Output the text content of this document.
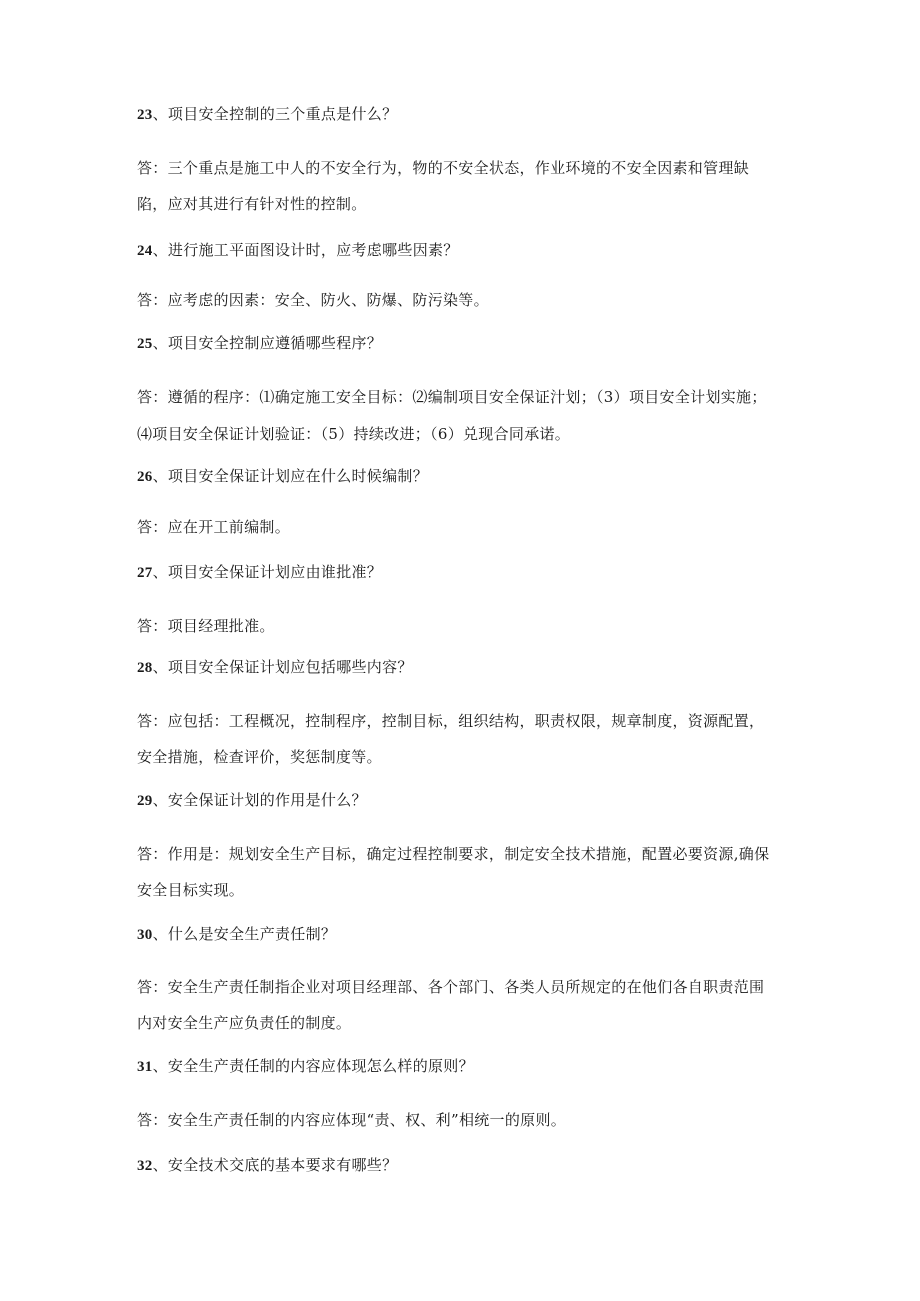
23、项目安全控制的三个重点是什么？
答：三个重点是施工中人的不安全行为，物的不安全状态，作业环境的不安全因素和管理缺
陷，应对其进行有针对性的控制。
24、进行施工平面图设计时，应考虑哪些因素？
答：应考虑的因素：安全、防火、防爆、防污染等。
25、项目安全控制应遵循哪些程序？
答：遵循的程序：⑴确定施工安全目标：⑵编制项目安全保证汁划；（3）项目安全计划实施；
⑷项目安全保证计划验证：（5）持续改进；（6）兑现合同承诺。
26、项目安全保证计划应在什么时候编制？
答：应在开工前编制。
27、项目安全保证计划应由谁批准？
答：项目经理批准。
28、项目安全保证计划应包括哪些内容？
答：应包括：工程概况，控制程序，控制目标，组织结构，职责权限，规章制度，资源配置，
安全措施，检查评价，奖惩制度等。
29、安全保证计划的作用是什么？
答：作用是：规划安全生产目标，确定过程控制要求，制定安全技术措施，配置必要资源,确保
安全目标实现。
30、什么是安全生产责任制？
答：安全生产责任制指企业对项目经理部、各个部门、各类人员所规定的在他们各自职责范围
内对安全生产应负责任的制度。
31、安全生产责任制的内容应体现怎么样的原则？
答：安全生产责任制的内容应体现“责、权、利”相统一的原则。
32、安全技术交底的基本要求有哪些？
